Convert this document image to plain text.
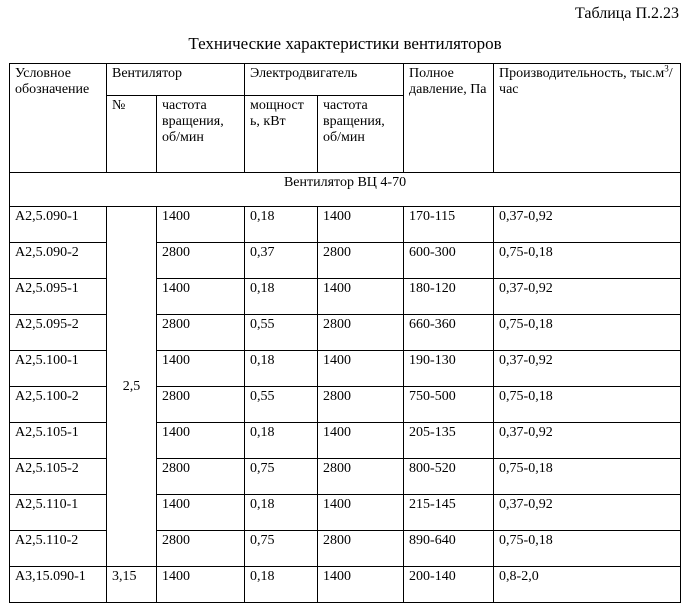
Таблица П.2.23
Технические характеристики вентиляторов
Условное обозначение	Вентилятор		Электродвигатель		Полное давление, Па	Производительность, $тыс.м^3$/час
	№	частота вращения, об/мин	мощност ь, кВт	частота вращения, об/мин		
Вентилятор ВЦ 4-70						
А2,5.090-1	2,5	1400	0,18	1400	170-115	0,37-0,92
А2,5.090-2		2800	0,37	2800	600-300	0,75-0,18
А2,5.095-1		1400	0,18	1400	180-120	0,37-0,92
А2,5.095-2		2800	0,55	2800	660-360	0,75-0,18
А2,5.100-1		1400	0,18	1400	190-130	0,37-0,92
А2,5.100-2		2800	0,55	2800	750-500	0,75-0,18
А2,5.105-1		1400	0,18	1400	205-135	0,37-0,92
А2,5.105-2		2800	0,75	2800	800-520	0,75-0,18
А2,5.110-1		1400	0,18	1400	215-145	0,37-0,92
А2,5.110-2		2800	0,75	2800	890-640	0,75-0,18
А3,15.090-1	3,15	1400	0,18	1400	200-140	0,8-2,0
